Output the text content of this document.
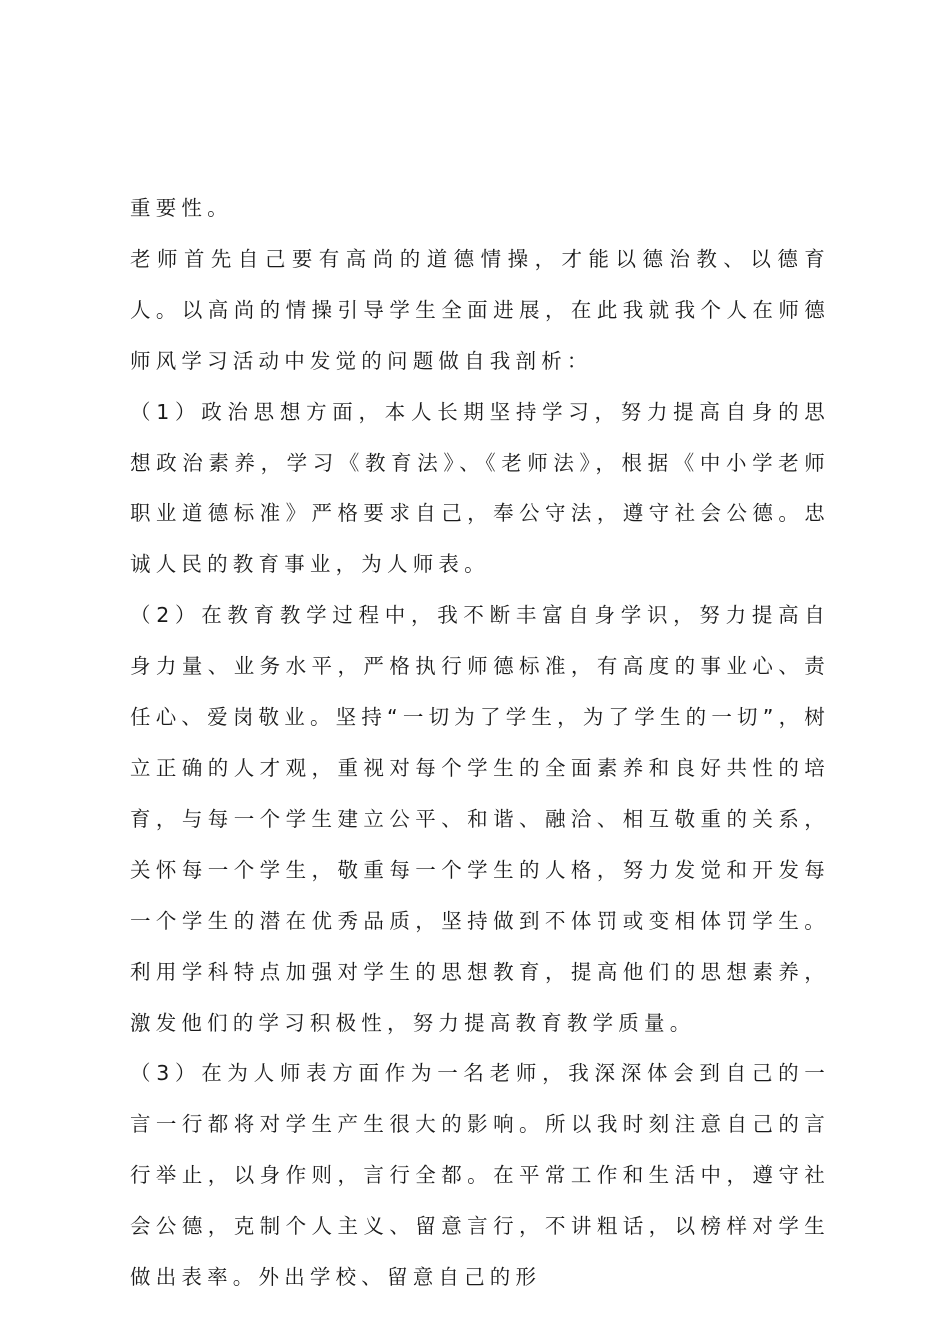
重要性。

老师首先自己要有高尚的道德情操，才能以德治教、以德育人。以高尚的情操引导学生全面进展，在此我就我个人在师德师风学习活动中发觉的问题做自我剖析：

（1）政治思想方面，本人长期坚持学习，努力提高自身的思想政治素养，学习《教育法》、《老师法》，根据《中小学老师职业道德标准》严格要求自己，奉公守法，遵守社会公德。忠诚人民的教育事业，为人师表。

（2）在教育教学过程中，我不断丰富自身学识，努力提高自身力量、业务水平，严格执行师德标准，有高度的事业心、责任心、爱岗敬业。坚持“一切为了学生，为了学生的一切”，树立正确的人才观，重视对每个学生的全面素养和良好共性的培育，与每一个学生建立公平、和谐、融洽、相互敬重的关系，关怀每一个学生，敬重每一个学生的人格，努力发觉和开发每一个学生的潜在优秀品质，坚持做到不体罚或变相体罚学生。利用学科特点加强对学生的思想教育，提高他们的思想素养，激发他们的学习积极性，努力提高教育教学质量。

（3）在为人师表方面作为一名老师，我深深体会到自己的一言一行都将对学生产生很大的影响。所以我时刻注意自己的言行举止，以身作则，言行全都。在平常工作和生活中，遵守社会公德，克制个人主义、留意言行，不讲粗话，以榜样对学生做出表率。外出学校、留意自己的形
